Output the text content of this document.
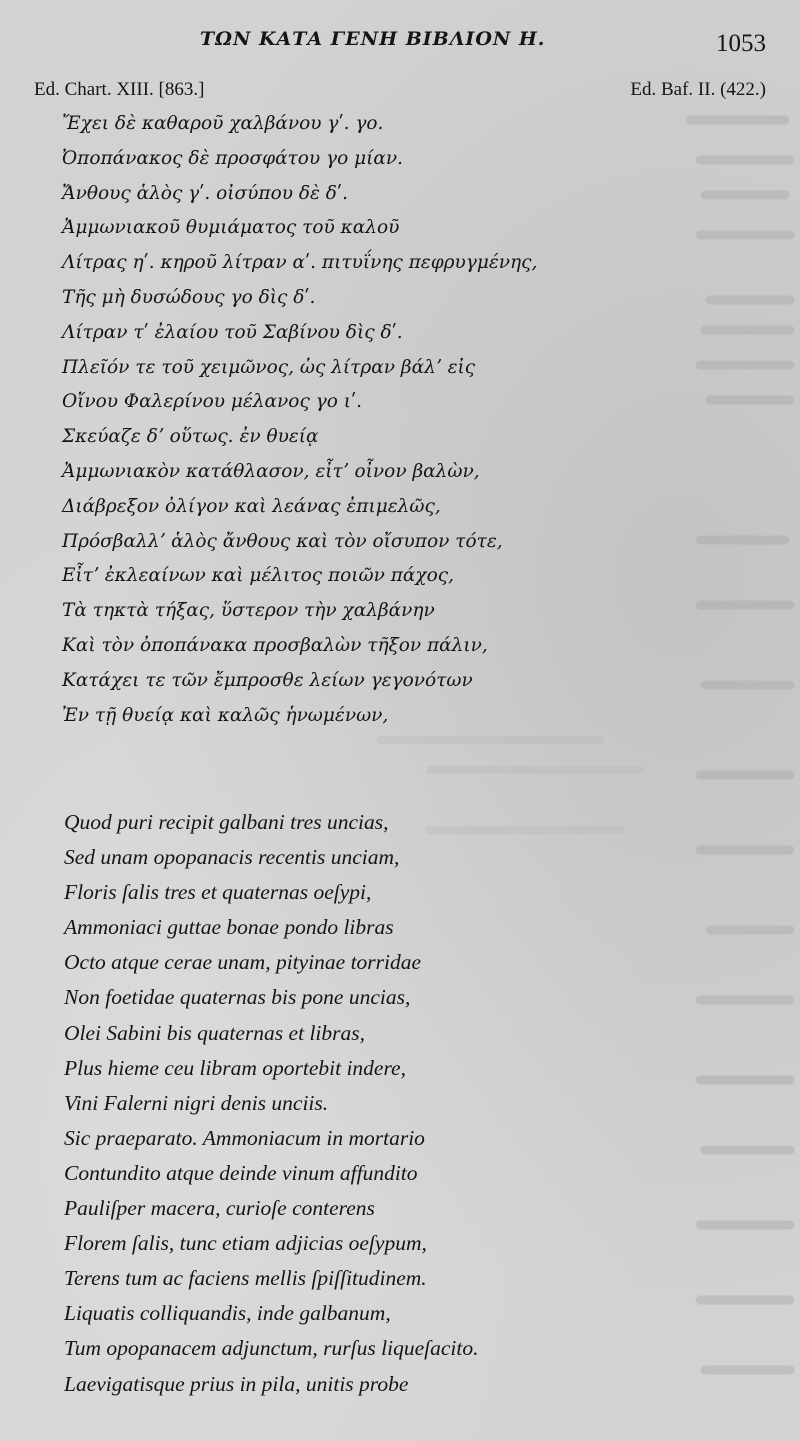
ΤΩΝ ΚΑΤΑ ΓΕΝΗ ΒΙΒΛΙΟΝ Η.	1053
Ed. Chart. XIII. [863.]	Ed. Baf. II. (422.)
Ἔχει δὲ καθαροῦ χαλβάνου γʹ. γο.
Ὀποπάνακος δὲ προσφάτου γο μίαν.
Ἄνθους ἁλὸς γʹ. οἰσύπου δὲ δʹ.
Ἀμμωνιακοῦ θυμιάματος τοῦ καλοῦ
Λίτρας ηʹ. κηροῦ λίτραν αʹ. πιτυΐνης πεφρυγμένης,
Τῆς μὴ δυσώδους γο δὶς δʹ.
Λίτραν τʹ ἐλαίου τοῦ Σαβίνου δὶς δʹ.
Πλεῖόν τε τοῦ χειμῶνος, ὡς λίτραν βάλʼ εἰς
Οἴνου Φαλερίνου μέλανος γο ιʹ.
Σκεύαζε δʼ οὕτως. ἐν θυείᾳ
Ἀμμωνιακὸν κατάθλασον, εἶτʼ οἶνον βαλὼν,
Διάβρεξον ὀλίγον καὶ λεάνας ἐπιμελῶς,
Πρόσβαλλʼ ἁλὸς ἄνθους καὶ τὸν οἴσυπον τότε,
Εἶτʼ ἐκλεαίνων καὶ μέλιτος ποιῶν πάχος,
Τὰ τηκτὰ τήξας, ὕστερον τὴν χαλβάνην
Καὶ τὸν ὀποπάνακα προσβαλὼν τῆξον πάλιν,
Κατάχει τε τῶν ἔμπροσθε λείων γεγονότων
Ἐν τῇ θυείᾳ καὶ καλῶς ἡνωμένων,
Quod puri recipit galbani tres uncias,
Sed unam opopanacis recentis unciam,
Floris ſalis tres et quaternas oeſypi,
Ammoniaci guttae bonae pondo libras
Octo atque cerae unam, pityinae torridae
Non foetidae quaternas bis pone uncias,
Olei Sabini bis quaternas et libras,
Plus hieme ceu libram oportebit indere,
Vini Falerni nigri denis unciis.
Sic praeparato. Ammoniacum in mortario
Contundito atque deinde vinum affundito
Pauliſper macera, curioſe conterens
Florem ſalis, tunc etiam adjicias oeſypum,
Terens tum ac faciens mellis ſpiſſitudinem.
Liquatis colliquandis, inde galbanum,
Tum opopanacem adjunctum, rurſus liqueſacito.
Laevigatisque prius in pila, unitis probe
